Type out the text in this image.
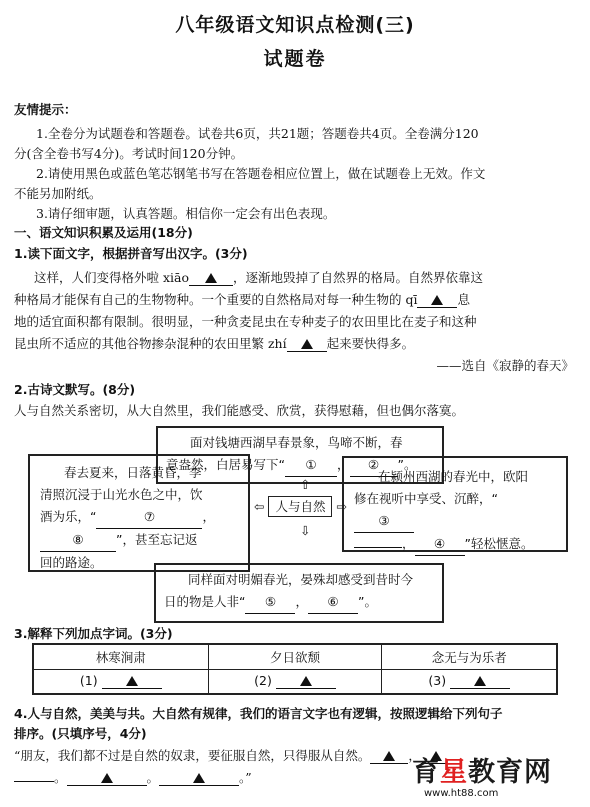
八年级语文知识点检测(三)
试题卷
友情提示：
1.全卷分为试题卷和答题卷。试卷共6页，共21题；答题卷共4页。全卷满分120
分(含全卷书写4分)。考试时间120分钟。
2.请使用黑色或蓝色笔芯钢笔书写在答题卷相应位置上，做在试题卷上无效。作文
不能另加附纸。
3.请仔细审题，认真答题。相信你一定会有出色表现。
一、语文知识积累及运用(18分)
1.读下面文字，根据拼音写出汉字。(3分)
这样，人们变得格外啦 xiāo	，逐渐地毁掉了自然界的格局。自然界依靠这
种格局才能保有自己的生物物种。一个重要的自然格局对每一种生物的 qī	息
地的适宜面积都有限制。很明显，一种贪麦昆虫在专种麦子的农田里比在麦子和这种
昆虫所不适应的其他谷物掺杂混种的农田里繁 zhí	起来要快得多。
——选自《寂静的春天》
2.古诗文默写。(8分)
人与自然关系密切，从大自然里，我们能感受、欣赏，获得慰藉，但也偶尔落寞。
面对钱塘西湖早春景象，鸟啼不断，春
意盎然，白居易写下“ ① ， ② ”。
春去夏来，日落黄昏，李
清照沉浸于山光水色之中，饮
酒为乐，“	⑦	，
⑧	”，甚至忘记返
回的路途。
⇦ 人与自然 ⇨
⇧
⇩
在颍州西湖的春光中，欧阳
修在视听中享受、沉醉，“③
， ④ ”轻松惬意。
同样面对明媚春光，晏殊却感受到昔时今
日的物是人非“ ⑤ ， ⑥ ”。
3.解释下列加点字词。(3分)
林寒涧肃	夕日欲颓	念无与为乐者
(1)	(2)	(3)
4.人与自然，美美与共。大自然有规律，我们的语言文字也有逻辑，按照逻辑给下列句子
排序。(只填序号，4分)
“朋友，我们都不过是自然的奴隶，要征服自然，只得服从自然。	，
。	。	。”	育星教育网
www.ht88.com
